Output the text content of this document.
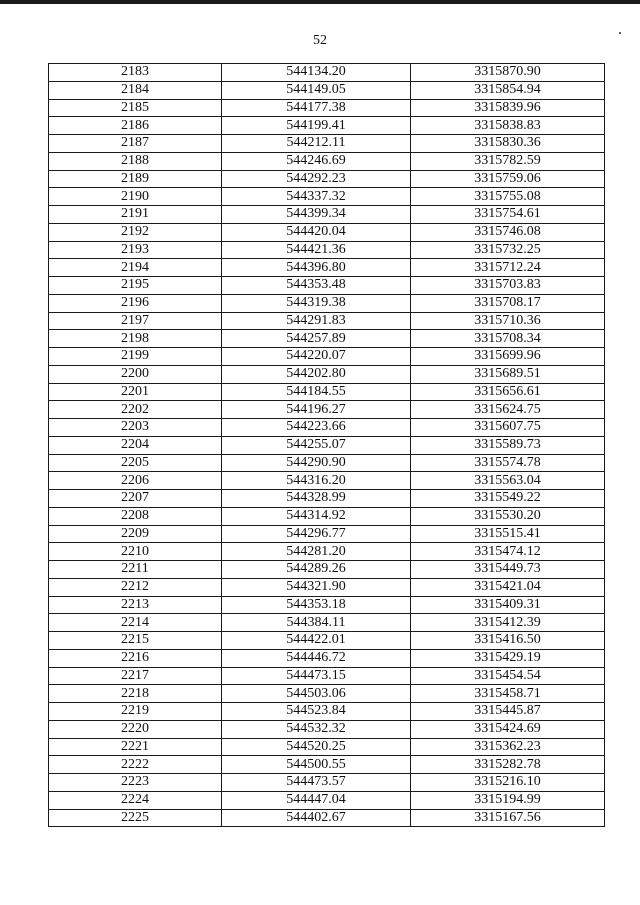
52
2183	544134.20	3315870.90
2184	544149.05	3315854.94
2185	544177.38	3315839.96
2186	544199.41	3315838.83
2187	544212.11	3315830.36
2188	544246.69	3315782.59
2189	544292.23	3315759.06
2190	544337.32	3315755.08
2191	544399.34	3315754.61
2192	544420.04	3315746.08
2193	544421.36	3315732.25
2194	544396.80	3315712.24
2195	544353.48	3315703.83
2196	544319.38	3315708.17
2197	544291.83	3315710.36
2198	544257.89	3315708.34
2199	544220.07	3315699.96
2200	544202.80	3315689.51
2201	544184.55	3315656.61
2202	544196.27	3315624.75
2203	544223.66	3315607.75
2204	544255.07	3315589.73
2205	544290.90	3315574.78
2206	544316.20	3315563.04
2207	544328.99	3315549.22
2208	544314.92	3315530.20
2209	544296.77	3315515.41
2210	544281.20	3315474.12
2211	544289.26	3315449.73
2212	544321.90	3315421.04
2213	544353.18	3315409.31
2214	544384.11	3315412.39
2215	544422.01	3315416.50
2216	544446.72	3315429.19
2217	544473.15	3315454.54
2218	544503.06	3315458.71
2219	544523.84	3315445.87
2220	544532.32	3315424.69
2221	544520.25	3315362.23
2222	544500.55	3315282.78
2223	544473.57	3315216.10
2224	544447.04	3315194.99
2225	544402.67	3315167.56
